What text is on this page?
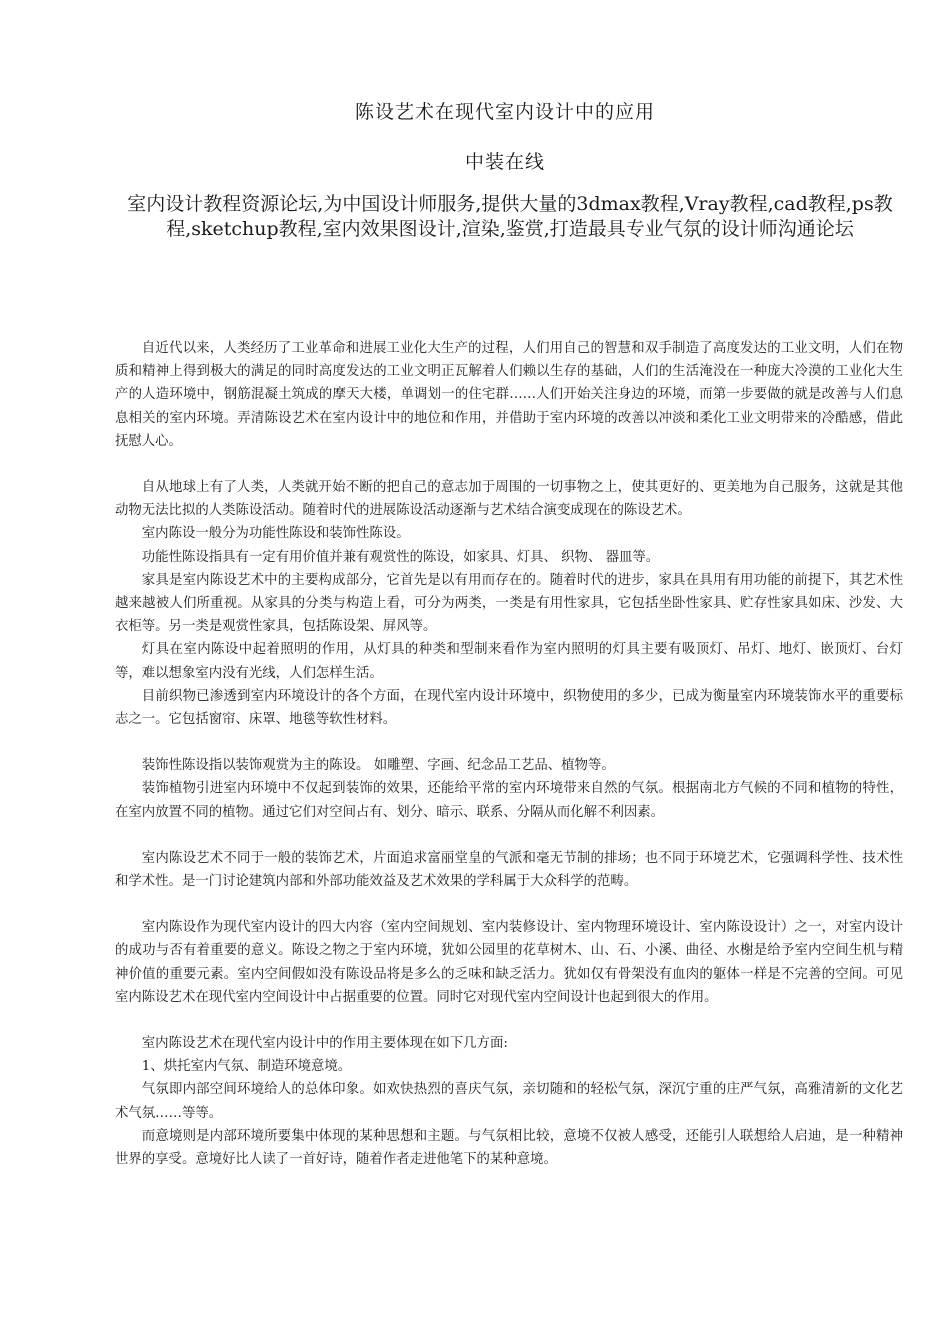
陈设艺术在现代室内设计中的应用
中装在线
室内设计教程资源论坛,为中国设计师服务,提供大量的3dmax教程,Vray教程,cad教程,ps教程,sketchup教程,室内效果图设计,渲染,鉴赏,打造最具专业气氛的设计师沟通论坛

自近代以来，人类经历了工业革命和进展工业化大生产的过程，人们用自己的智慧和双手制造了高度发达的工业文明，人们在物质和精神上得到极大的满足的同时高度发达的工业文明正瓦解着人们赖以生存的基础，人们的生活淹没在一种庞大冷漠的工业化大生产的人造环境中，钢筋混凝土筑成的摩天大楼，单调划一的住宅群……人们开始关注身边的环境，而第一步要做的就是改善与人们息息相关的室内环境。弄清陈设艺术在室内设计中的地位和作用，并借助于室内环境的改善以冲淡和柔化工业文明带来的冷酷感，借此抚慰人心。

自从地球上有了人类，人类就开始不断的把自己的意志加于周围的一切事物之上，使其更好的、更美地为自己服务，这就是其他动物无法比拟的人类陈设活动。随着时代的进展陈设活动逐渐与艺术结合演变成现在的陈设艺术。

室内陈设一般分为功能性陈设和装饰性陈设。

功能性陈设指具有一定有用价值并兼有观赏性的陈设，如家具、灯具、 织物、 器皿等。

家具是室内陈设艺术中的主要构成部分，它首先是以有用而存在的。随着时代的进步，家具在具用有用功能的前提下，其艺术性越来越被人们所重视。从家具的分类与构造上看，可分为两类，一类是有用性家具，它包括坐卧性家具、贮存性家具如床、沙发、大衣柜等。另一类是观赏性家具，包括陈设架、屏风等。

灯具在室内陈设中起着照明的作用，从灯具的种类和型制来看作为室内照明的灯具主要有吸顶灯、吊灯、地灯、嵌顶灯、台灯等，难以想象室内没有光线，人们怎样生活。

目前织物已渗透到室内环境设计的各个方面，在现代室内设计环境中，织物使用的多少，已成为衡量室内环境装饰水平的重要标志之一。它包括窗帘、床罩、地毯等软性材料。

装饰性陈设指以装饰观赏为主的陈设。 如雕塑、字画、纪念品工艺品、植物等。

装饰植物引进室内环境中不仅起到装饰的效果，还能给平常的室内环境带来自然的气氛。根据南北方气候的不同和植物的特性，在室内放置不同的植物。通过它们对空间占有、划分、暗示、联系、分隔从而化解不利因素。

室内陈设艺术不同于一般的装饰艺术，片面追求富丽堂皇的气派和毫无节制的排场；也不同于环境艺术，它强调科学性、技术性和学术性。是一门讨论建筑内部和外部功能效益及艺术效果的学科属于大众科学的范畴。

室内陈设作为现代室内设计的四大内容（室内空间规划、室内装修设计、室内物理环境设计、室内陈设设计）之一，对室内设计的成功与否有着重要的意义。陈设之物之于室内环境，犹如公园里的花草树木、山、石、小溪、曲径、水榭是给予室内空间生机与精神价值的重要元素。室内空间假如没有陈设品将是多么的乏味和缺乏活力。犹如仅有骨架没有血肉的躯体一样是不完善的空间。可见室内陈设艺术在现代室内空间设计中占据重要的位置。同时它对现代室内空间设计也起到很大的作用。

室内陈设艺术在现代室内设计中的作用主要体现在如下几方面:

1、烘托室内气氛、制造环境意境。

气氛即内部空间环境给人的总体印象。如欢快热烈的喜庆气氛，亲切随和的轻松气氛，深沉宁重的庄严气氛，高雅清新的文化艺术气氛……等等。

而意境则是内部环境所要集中体现的某种思想和主题。与气氛相比较，意境不仅被人感受，还能引人联想给人启迪，是一种精神世界的享受。意境好比人读了一首好诗，随着作者走进他笔下的某种意境。
